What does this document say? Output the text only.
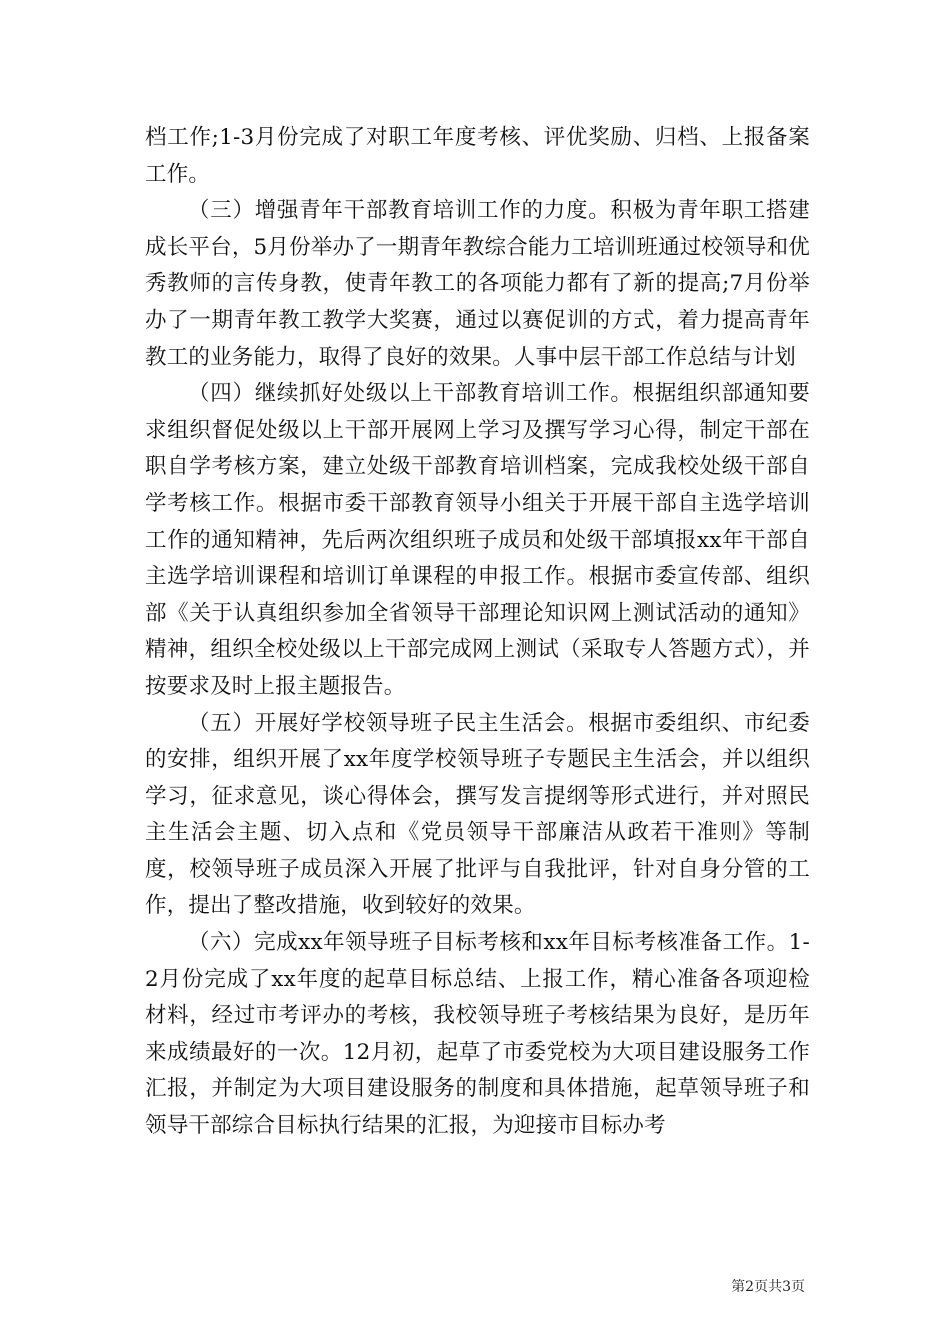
档工作;1-3月份完成了对职工年度考核、评优奖励、归档、上报备案工作。

（三）增强青年干部教育培训工作的力度。积极为青年职工搭建成长平台，5月份举办了一期青年教综合能力工培训班通过校领导和优秀教师的言传身教，使青年教工的各项能力都有了新的提高;7月份举办了一期青年教工教学大奖赛，通过以赛促训的方式，着力提高青年教工的业务能力，取得了良好的效果。人事中层干部工作总结与计划

（四）继续抓好处级以上干部教育培训工作。根据组织部通知要求组织督促处级以上干部开展网上学习及撰写学习心得，制定干部在职自学考核方案，建立处级干部教育培训档案，完成我校处级干部自学考核工作。根据市委干部教育领导小组关于开展干部自主选学培训工作的通知精神，先后两次组织班子成员和处级干部填报xx年干部自主选学培训课程和培训订单课程的申报工作。根据市委宣传部、组织部《关于认真组织参加全省领导干部理论知识网上测试活动的通知》精神，组织全校处级以上干部完成网上测试（采取专人答题方式），并按要求及时上报主题报告。

（五）开展好学校领导班子民主生活会。根据市委组织、市纪委的安排，组织开展了xx年度学校领导班子专题民主生活会，并以组织学习，征求意见，谈心得体会，撰写发言提纲等形式进行，并对照民主生活会主题、切入点和《党员领导干部廉洁从政若干准则》等制度，校领导班子成员深入开展了批评与自我批评，针对自身分管的工作，提出了整改措施，收到较好的效果。

（六）完成xx年领导班子目标考核和xx年目标考核准备工作。1-2月份完成了xx年度的起草目标总结、上报工作，精心准备各项迎检材料，经过市考评办的考核，我校领导班子考核结果为良好，是历年来成绩最好的一次。12月初，起草了市委党校为大项目建设服务工作汇报，并制定为大项目建设服务的制度和具体措施，起草领导班子和领导干部综合目标执行结果的汇报，为迎接市目标办考

第2页共3页
